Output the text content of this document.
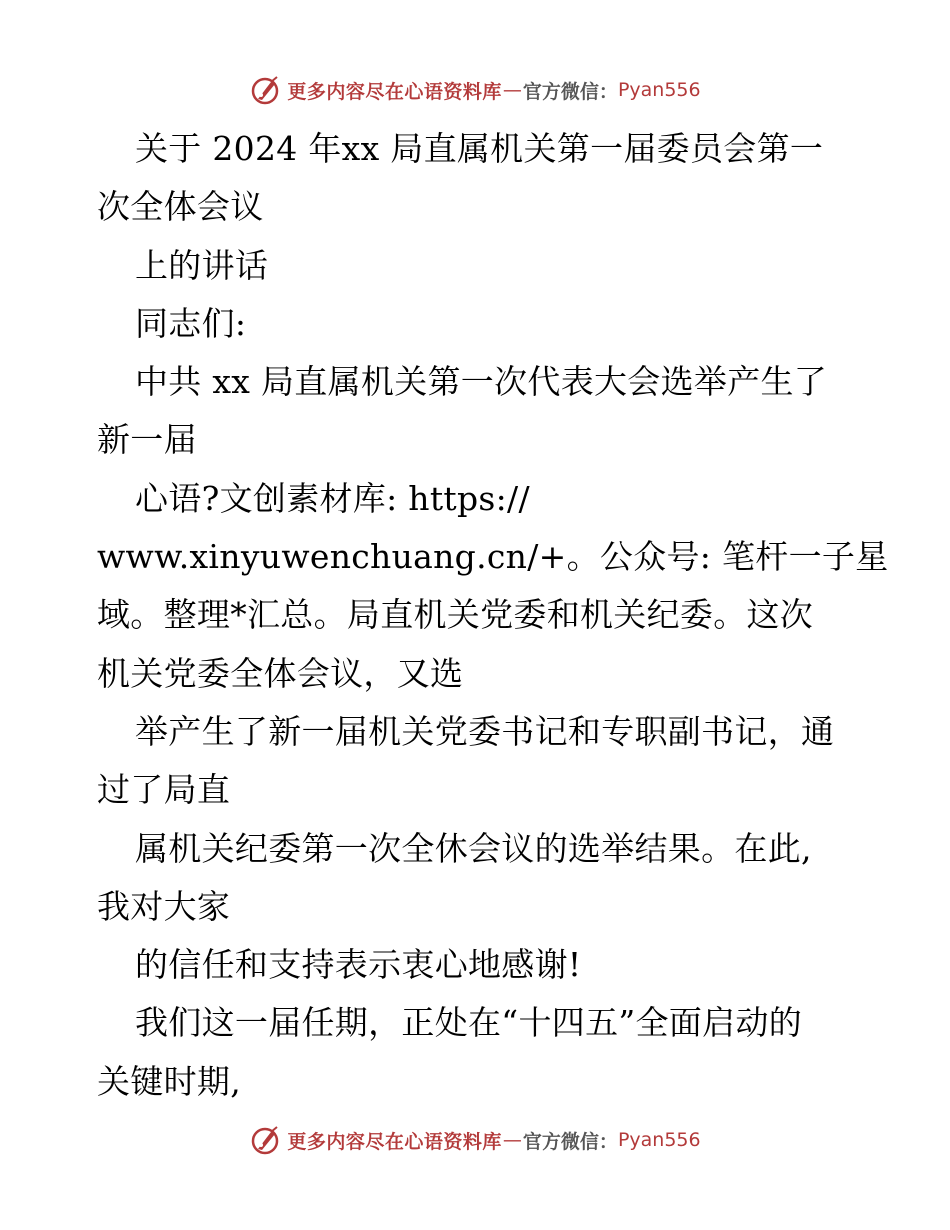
更多内容尽在心语资料库 — 官方微信： Pyan556
关于 2024 年xx 局直属机关第一届委员会第一
次全体会议
上的讲话
同志们:
中共 xx 局直属机关第一次代表大会选举产生了
新一届
心语?文创素材库: https://
www.xinyuwenchuang.cn/+。公众号: 笔杆一子星
域。整理*汇总。局直机关党委和机关纪委。这次
机关党委全体会议，又选
举产生了新一届机关党委书记和专职副书记，通
过了局直
属机关纪委第一次全休会议的选举结果。在此,
我对大家
的信任和支持表示衷心地感谢!
我们这一届任期，正处在“十四五”全面启动的
关键时期,
更多内容尽在心语资料库 — 官方微信： Pyan556
